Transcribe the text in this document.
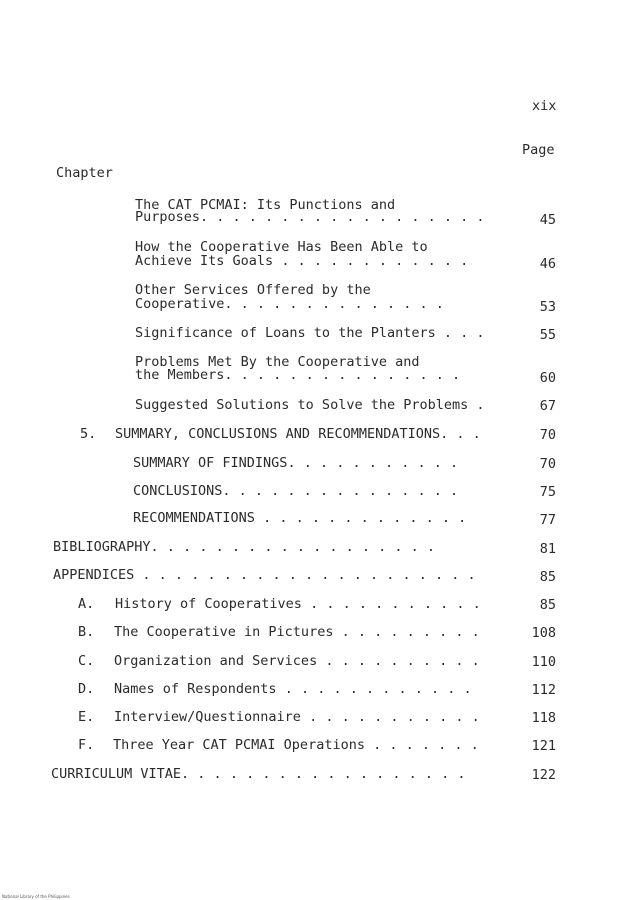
xix
Page
Chapter
The CAT PCMAI: Its Punctions and
Purposes. . . . . . . . . . . . . . . . . .	45
How the Cooperative Has Been Able to
Achieve Its Goals . . . . . . . . . . . .	46
Other Services Offered by the
Cooperative. . . . . . . . . . . . . .	53
Significance of Loans to the Planters . . .	55
Problems Met By the Cooperative and
the Members. . . . . . . . . . . . . . .	60
Suggested Solutions to Solve the Problems .	67
5. SUMMARY, CONCLUSIONS AND RECOMMENDATIONS. . .	70
SUMMARY OF FINDINGS. . . . . . . . . . .	70
CONCLUSIONS. . . . . . . . . . . . . . .	75
RECOMMENDATIONS . . . . . . . . . . . . .	77
BIBLIOGRAPHY. . . . . . . . . . . . . . . . . .	81
APPENDICES . . . . . . . . . . . . . . . . . . . . .	85
A. History of Cooperatives . . . . . . . . . . .	85
B. The Cooperative in Pictures . . . . . . . . .	108
C. Organization and Services . . . . . . . . . .	110
D. Names of Respondents . . . . . . . . . . . .	112
E. Interview/Questionnaire . . . . . . . . . . .	118
F. Three Year CAT PCMAI Operations . . . . . . .	121
CURRICULUM VITAE. . . . . . . . . . . . . . . . . .	122
National Library of the Philippines
